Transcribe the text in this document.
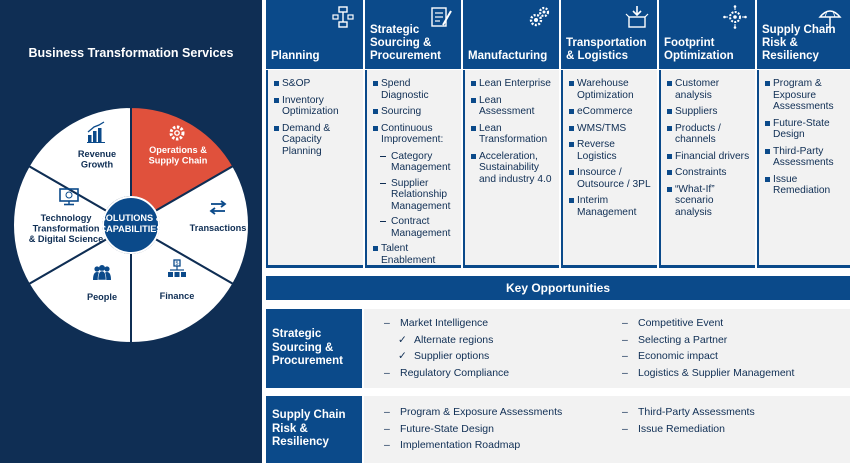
Business Transformation Services
SOLUTIONS &
CAPABILITIES
Operations &
Supply Chain
Transactions
$
Finance
People
Technology
Transformation
& Digital Science
Revenue
Growth
Planning
S&OP
Inventory Optimization
Demand & Capacity Planning
Strategic Sourcing & Procurement
Spend Diagnostic
Sourcing
Continuous Improvement:
Category Management
Supplier Relationship Management
Contract Management
Talent Enablement
Manufacturing
Lean Enterprise
Lean Assessment
Lean Transformation
Acceleration, Sustainability and industry 4.0
Transportation & Logistics
Warehouse Optimization
eCommerce
WMS/TMS
Reverse Logistics
Insource / Outsource / 3PL
Interim Management
Footprint Optimization
Customer analysis
Suppliers
Products / channels
Financial drivers
Constraints
“What-If” scenario analysis
Supply Chain Risk & Resiliency
Program & Exposure Assessments
Future-State Design
Third-Party Assessments
Issue Remediation
Key Opportunities
Strategic Sourcing & Procurement
– Market Intelligence
✓ Alternate regions
✓ Supplier options
– Regulatory Compliance
– Competitive Event
– Selecting a Partner
– Economic impact
– Logistics & Supplier Management
Supply Chain Risk & Resiliency
– Program & Exposure Assessments
– Future-State Design
– Implementation Roadmap
– Third-Party Assessments
– Issue Remediation
